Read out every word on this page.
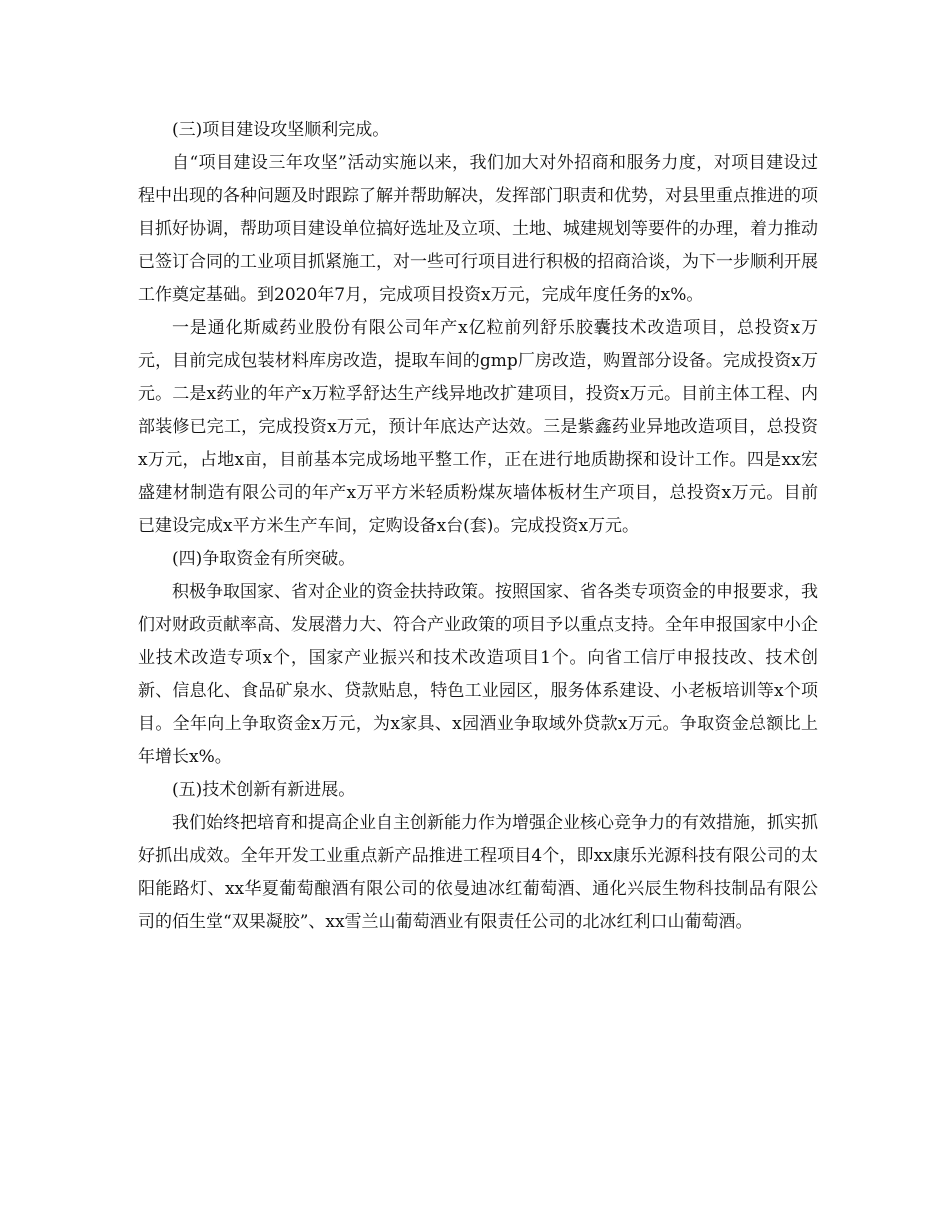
(三)项目建设攻坚顺利完成。

自“项目建设三年攻坚”活动实施以来，我们加大对外招商和服务力度，对项目建设过程中出现的各种问题及时跟踪了解并帮助解决，发挥部门职责和优势，对县里重点推进的项目抓好协调，帮助项目建设单位搞好选址及立项、土地、城建规划等要件的办理，着力推动已签订合同的工业项目抓紧施工，对一些可行项目进行积极的招商洽谈，为下一步顺利开展工作奠定基础。到2020年7月，完成项目投资x万元，完成年度任务的x%。

一是通化斯威药业股份有限公司年产x亿粒前列舒乐胶囊技术改造项目，总投资x万元，目前完成包装材料库房改造，提取车间的gmp厂房改造，购置部分设备。完成投资x万元。二是x药业的年产x万粒孚舒达生产线异地改扩建项目，投资x万元。目前主体工程、内部装修已完工，完成投资x万元，预计年底达产达效。三是紫鑫药业异地改造项目，总投资x万元，占地x亩，目前基本完成场地平整工作，正在进行地质勘探和设计工作。四是xx宏盛建材制造有限公司的年产x万平方米轻质粉煤灰墙体板材生产项目，总投资x万元。目前已建设完成x平方米生产车间，定购设备x台(套)。完成投资x万元。

(四)争取资金有所突破。

积极争取国家、省对企业的资金扶持政策。按照国家、省各类专项资金的申报要求，我们对财政贡献率高、发展潜力大、符合产业政策的项目予以重点支持。全年申报国家中小企业技术改造专项x个，国家产业振兴和技术改造项目1个。向省工信厅申报技改、技术创新、信息化、食品矿泉水、贷款贴息，特色工业园区，服务体系建设、小老板培训等x个项目。全年向上争取资金x万元，为x家具、x园酒业争取域外贷款x万元。争取资金总额比上年增长x%。

(五)技术创新有新进展。

我们始终把培育和提高企业自主创新能力作为增强企业核心竞争力的有效措施，抓实抓好抓出成效。全年开发工业重点新产品推进工程项目4个，即xx康乐光源科技有限公司的太阳能路灯、xx华夏葡萄酿酒有限公司的依曼迪冰红葡萄酒、通化兴辰生物科技制品有限公司的佰生堂“双果凝胶”、xx雪兰山葡萄酒业有限责任公司的北冰红利口山葡萄酒。
